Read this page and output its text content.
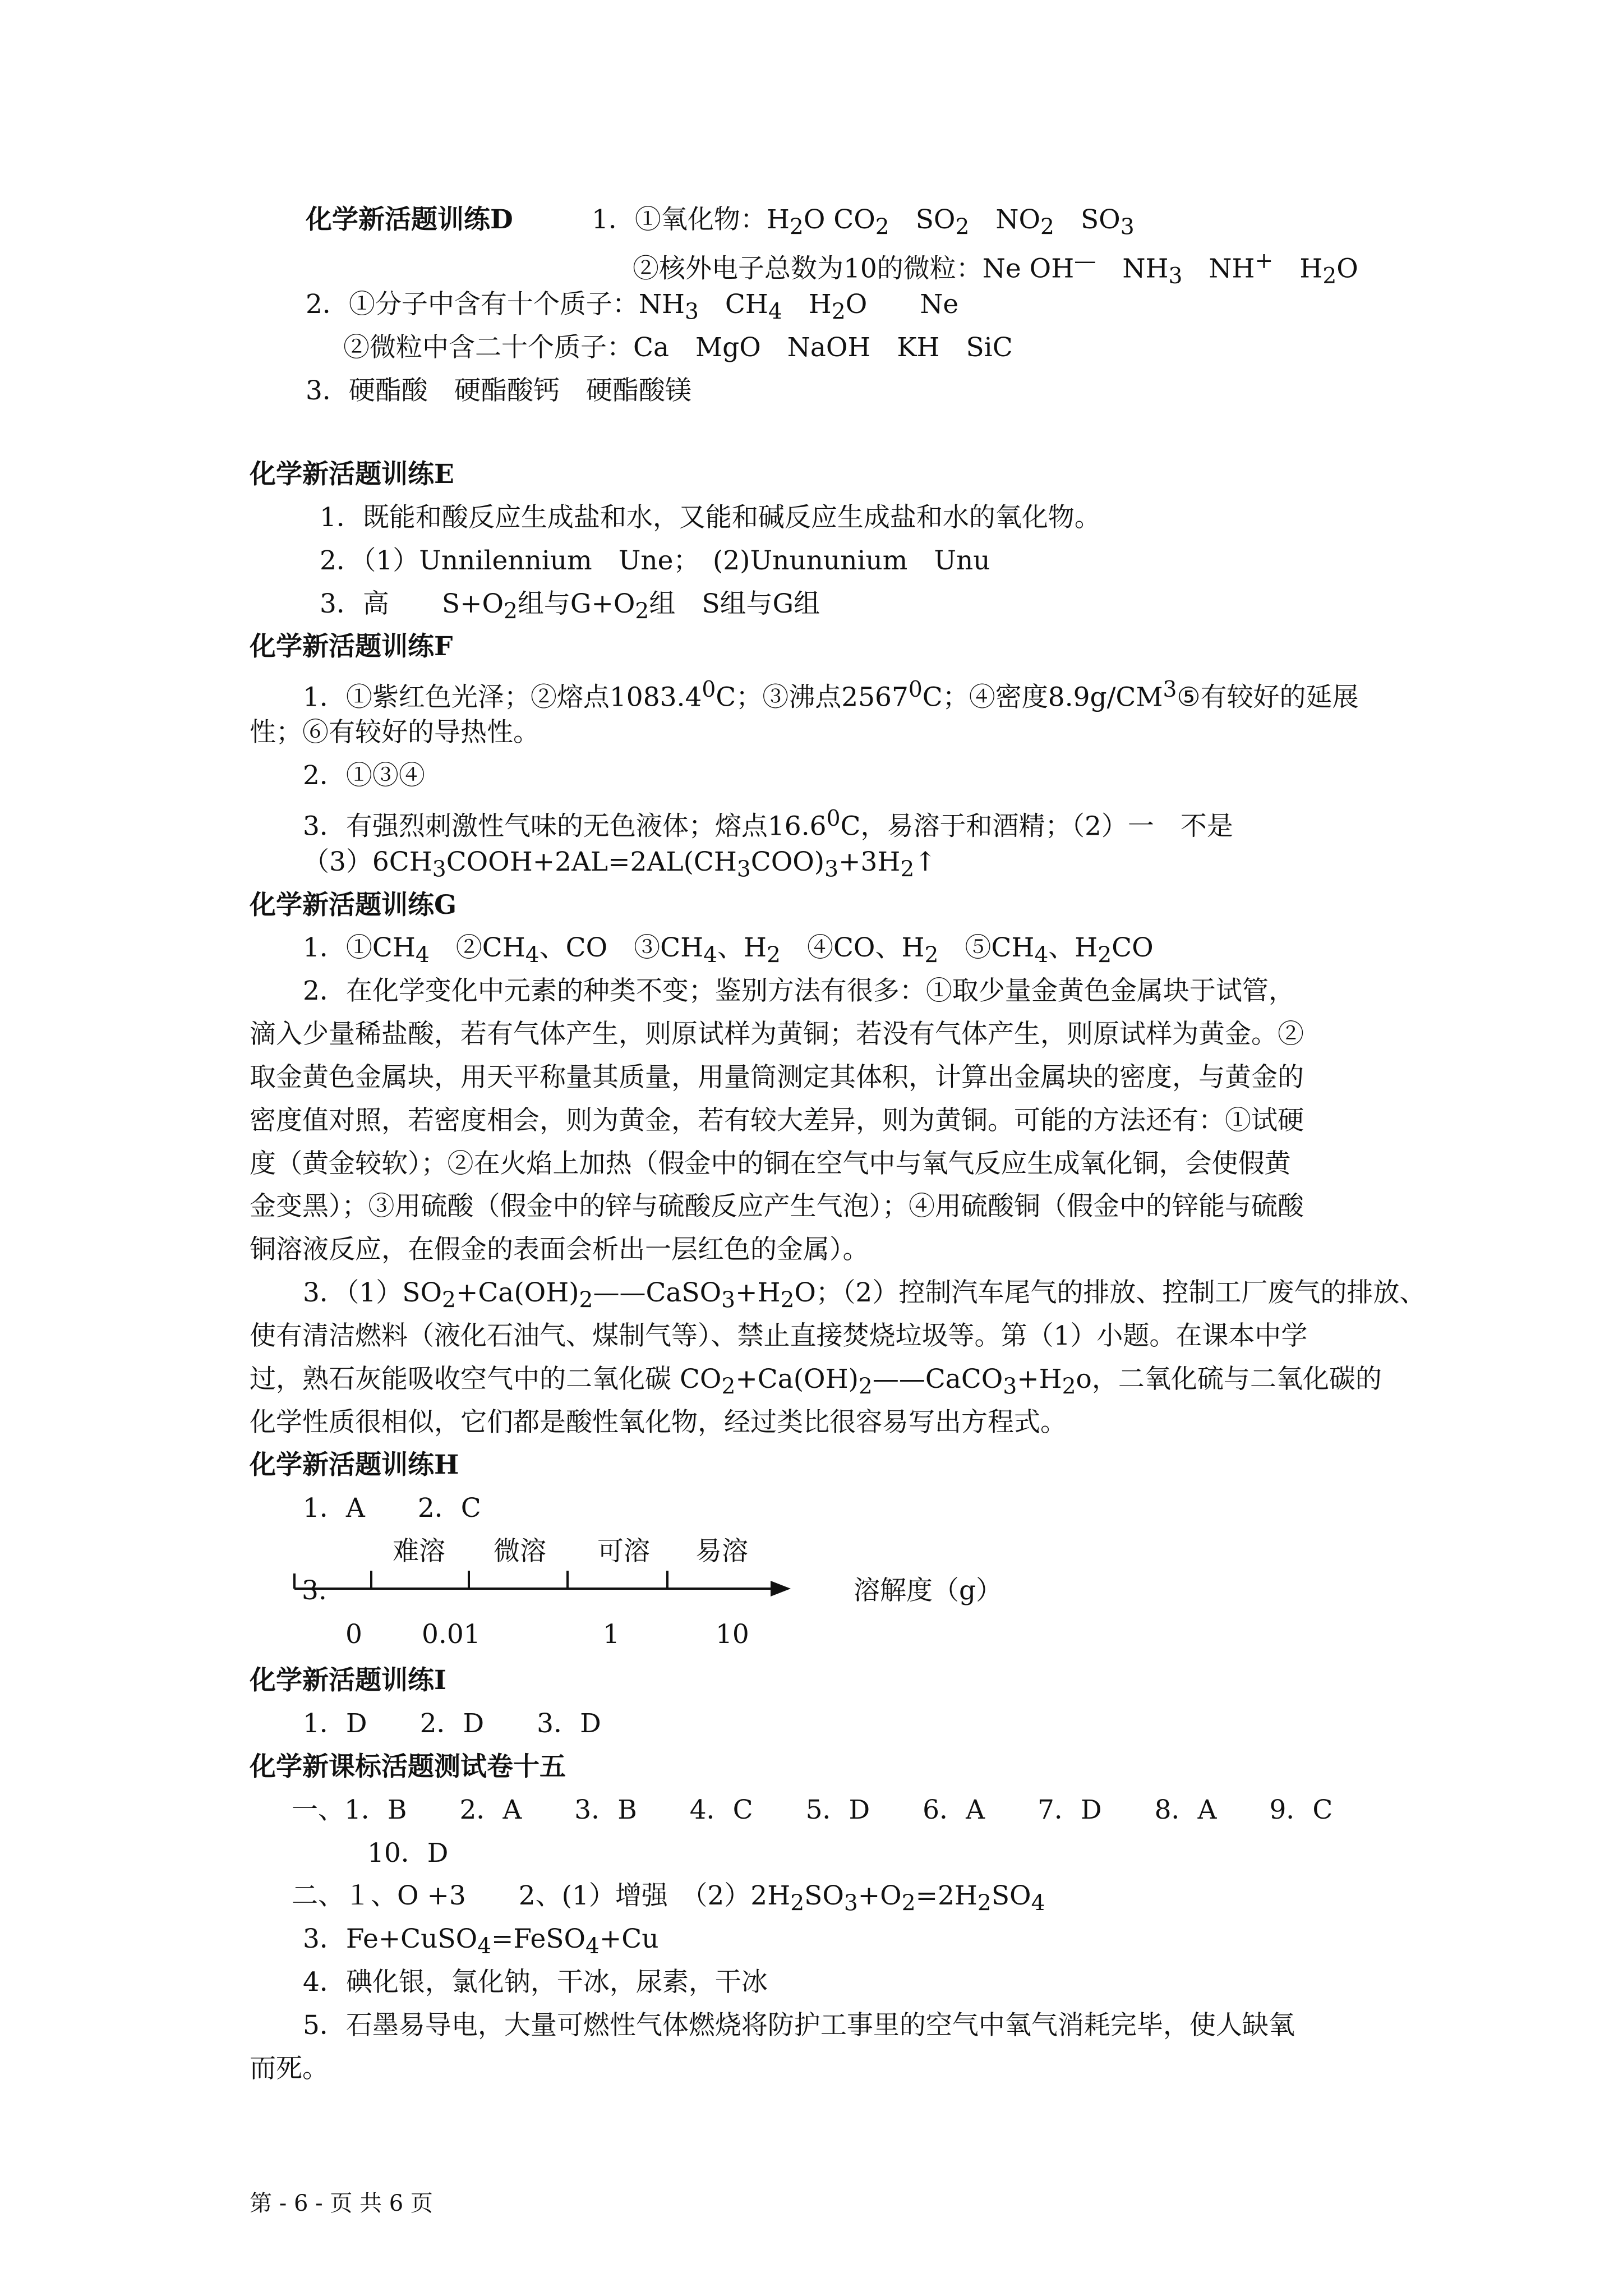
化学新活题训练D	1．①氧化物：$H_2O$ $CO_2$　$SO_2$　$NO_2$　$SO_3$
②核外电子总数为10的微粒：Ne OH—　$NH_3$　NH+　$H_2O$
2．①分子中含有十个质子：$NH_3$　$CH_4$　$H_2O$　　Ne
②微粒中含二十个质子：Ca　MgO　NaOH　KH　SiC
3．硬酯酸　硬酯酸钙　硬酯酸镁
化学新活题训练E
1．既能和酸反应生成盐和水，又能和碱反应生成盐和水的氧化物。
2．（1）Unnilennium　Une；　(2)Unununium　Unu
3．高　　$S+O_2$组与$G+O_2$组　S组与G组
化学新活题训练F
1．①紫红色光泽；②熔点1083.4$^0$C；③沸点2567$^0$C；④密度$8.9g/CM^3⑤$有较好的延展
性；⑥有较好的导热性。
2．①③④
3．有强烈刺激性气味的无色液体；熔点16.6$^0$C，易溶于和酒精；（2）一　不是
$(3)6CH_3COOH+2AL=2AL(CH_3COO)_3+3H_2↑$
化学新活题训练G
1．$①CH_4$　$②CH_4$、CO　$③CH_4$、$H_2$　④CO、$H_2$　$⑤CH_4$、$H_2CO$
2．在化学变化中元素的种类不变；鉴别方法有很多：①取少量金黄色金属块于试管，
滴入少量稀盐酸，若有气体产生，则原试样为黄铜；若没有气体产生，则原试样为黄金。②
取金黄色金属块，用天平称量其质量，用量筒测定其体积，计算出金属块的密度，与黄金的
密度值对照，若密度相会，则为黄金，若有较大差异，则为黄铜。可能的方法还有：①试硬
度（黄金较软）；②在火焰上加热（假金中的铜在空气中与氧气反应生成氧化铜，会使假黄
金变黑）；③用硫酸（假金中的锌与硫酸反应产生气泡）；④用硫酸铜（假金中的锌能与硫酸
铜溶液反应，在假金的表面会析出一层红色的金属）。
3．$(1)SO_2+Ca(OH)_2——CaSO_3+H_2O$；（2）控制汽车尾气的排放、控制工厂废气的排放、
使有清洁燃料（液化石油气、煤制气等）、禁止直接焚烧垃圾等。第（1）小题。在课本中学
过，熟石灰能吸收空气中的二氧化碳 $CO_2+Ca(OH)_2——CaCO_3+H_2o$，二氧化硫与二氧化碳的
化学性质很相似，它们都是酸性氧化物，经过类比很容易写出方程式。
化学新活题训练H
1．A　　2．C
难溶 微溶 可溶 易溶
3.	溶解度（g）
0 0.01	1	10
化学新活题训练I
1．D　　2．D　　3．D
化学新课标活题测试卷十五
一、1．B　　2．A　　3．B　　4．C　　5．D　　6．A　　7．D　　8．A　　9．C
10．D
二、１、O +3　　2、(1）增强　$(2)2H_2SO_3+O_2=2H_2SO_4$
3．Fe+CuSO$_4$=FeSO$_4$+Cu
4．碘化银，氯化钠，干冰，尿素，干冰
5．石墨易导电，大量可燃性气体燃烧将防护工事里的空气中氧气消耗完毕，使人缺氧
而死。
第 - 6 - 页 共 6 页
